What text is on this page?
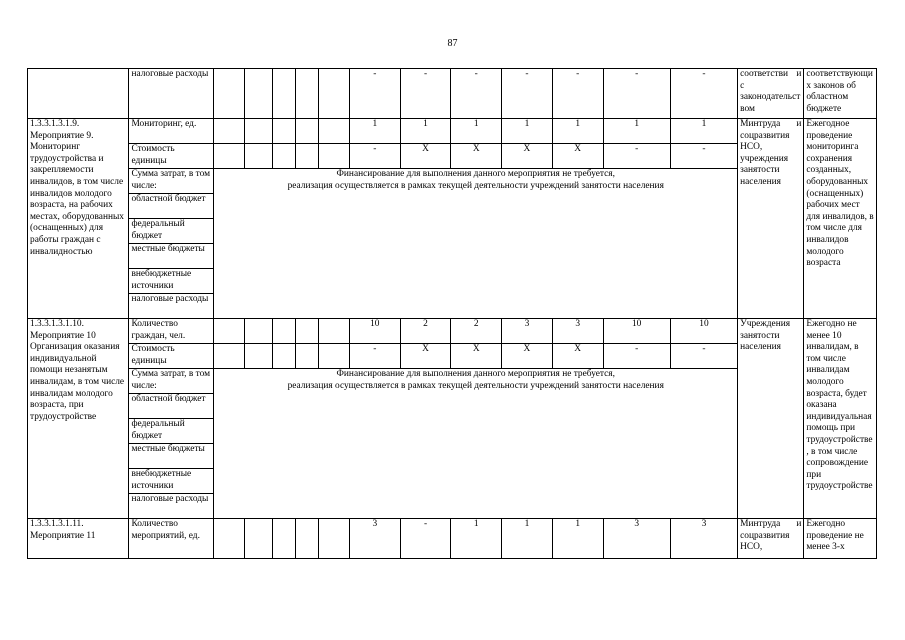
87
	налоговые расходы						-	-	-	-	-	-	-	соответстви и с законодательством	соответствующих законов об областном бюджете
1.3.3.1.3.1.9. Мероприятие 9. Мониторинг трудоустройства и закрепляемости инвалидов, в том числе инвалидов молодого возраста, на рабочих местах, оборудованных (оснащенных) для работы граждан с инвалидностью	Мониторинг, ед.						1	1	1	1	1	1	1	Минтруда и соцразвития НСО, учреждения занятости населения	Ежегодное проведение мониторинга сохранения созданных, оборудованных (оснащенных) рабочих мест для инвалидов, в том числе для инвалидов молодого возраста
	Стоимость единицы						-	X	X	X	X	-	-		
	Сумма затрат, в том числе:	Финансирование для выполнения данного мероприятия не требуется,
реализация осуществляется в рамках текущей деятельности учреждений занятости населения													
	областной бюджет														
	федеральный бюджет														
	местные бюджеты														
	внебюджетные источники														
	налоговые расходы														
1.3.3.1.3.1.10. Мероприятие 10 Организация оказания индивидуальной помощи незанятым инвалидам, в том числе инвалидам молодого возраста, при трудоустройстве	Количество граждан, чел.						10	2	2	3	3	10	10	Учреждения занятости населения	Ежегодно не менее 10 инвалидам, в том числе инвалидам молодого возраста, будет оказана индивидуальная помощь при трудоустройстве, в том числе сопровождение при трудоустройстве
	Стоимость единицы						-	X	X	X	X	-	-		
	Сумма затрат, в том числе:	Финансирование для выполнения данного мероприятия не требуется,
реализация осуществляется в рамках текущей деятельности учреждений занятости населения													
	областной бюджет														
	федеральный бюджет														
	местные бюджеты														
	внебюджетные источники														
	налоговые расходы														
1.3.3.1.3.1.11. Мероприятие 11	Количество мероприятий, ед.						3	-	1	1	1	3	3	Минтруда и соцразвития НСО,	Ежегодно проведение не менее 3-х
